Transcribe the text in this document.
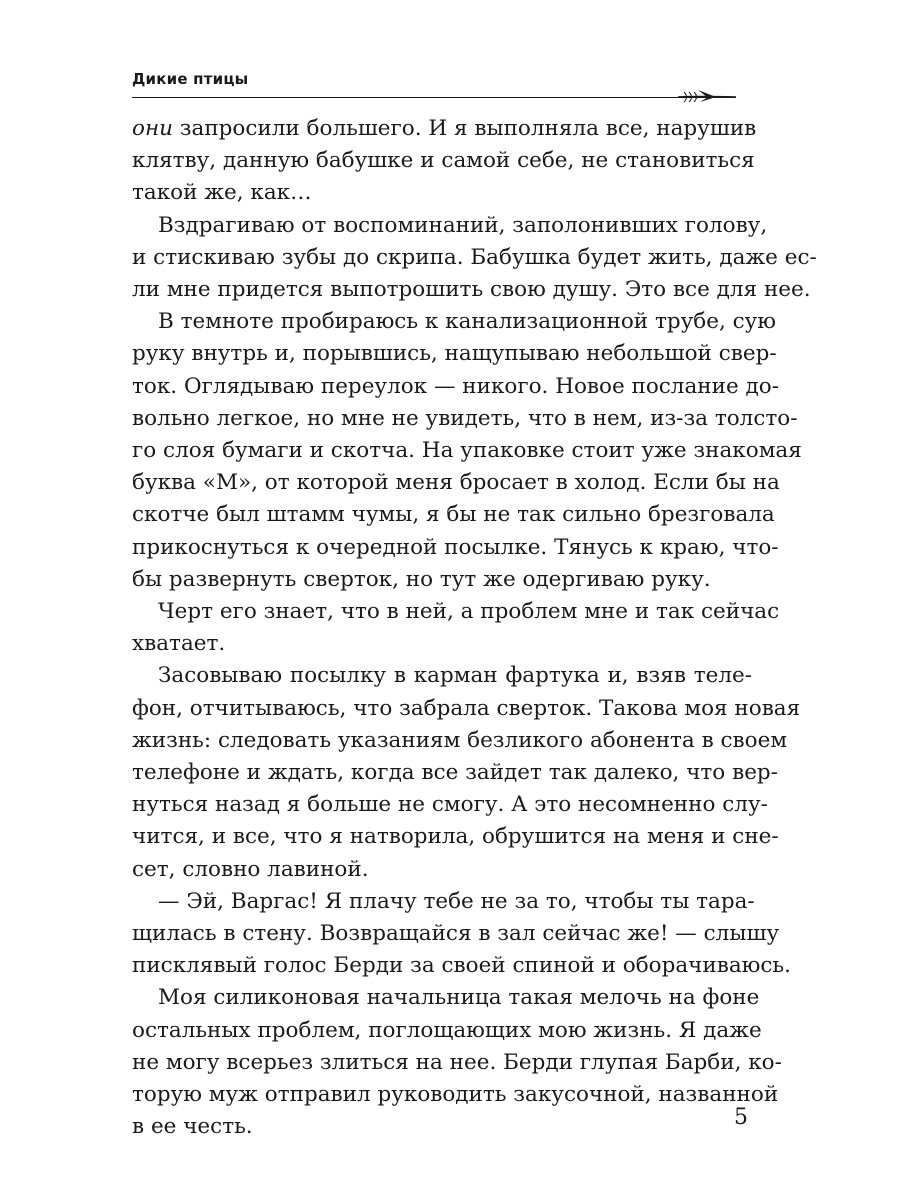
Дикие птицы
они запросили большего. И я выполняла все, нарушив
клятву, данную бабушке и самой себе, не становиться
такой же, как…
Вздрагиваю от воспоминаний, заполонивших голову,
и стискиваю зубы до скрипа. Бабушка будет жить, даже ес-
ли мне придется выпотрошить свою душу. Это все для нее.
В темноте пробираюсь к канализационной трубе, сую
руку внутрь и, порывшись, нащупываю небольшой свер-
ток. Оглядываю переулок — никого. Новое послание до-
вольно легкое, но мне не увидеть, что в нем, из-за толсто-
го слоя бумаги и скотча. На упаковке стоит уже знакомая
буква «М», от которой меня бросает в холод. Если бы на
скотче был штамм чумы, я бы не так сильно брезговала
прикоснуться к очередной посылке. Тянусь к краю, что-
бы развернуть сверток, но тут же одергиваю руку.
Черт его знает, что в ней, а проблем мне и так сейчас
хватает.
Засовываю посылку в карман фартука и, взяв теле-
фон, отчитываюсь, что забрала сверток. Такова моя новая
жизнь: следовать указаниям безликого абонента в своем
телефоне и ждать, когда все зайдет так далеко, что вер-
нуться назад я больше не смогу. А это несомненно слу-
чится, и все, что я натворила, обрушится на меня и сне-
сет, словно лавиной.
— Эй, Варгас! Я плачу тебе не за то, чтобы ты тара-
щилась в стену. Возвращайся в зал сейчас же! — слышу
писклявый голос Берди за своей спиной и оборачиваюсь.
Моя силиконовая начальница такая мелочь на фоне
остальных проблем, поглощающих мою жизнь. Я даже
не могу всерьез злиться на нее. Берди глупая Барби, ко-
торую муж отправил руководить закусочной, названной
в ее честь.	5
